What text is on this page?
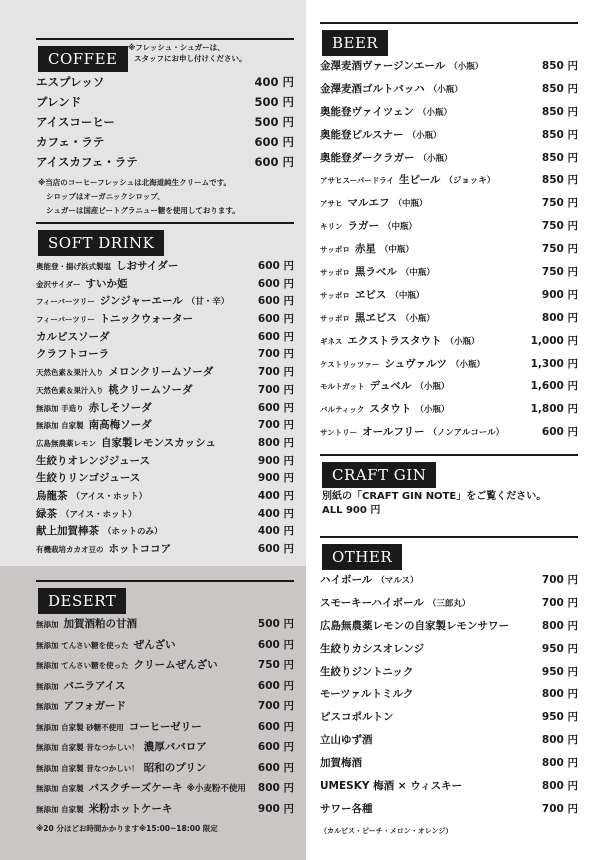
COFFEE
※フレッシュ・シュガーは、
スタッフにお申し付けください。
エスプレッソ	400 円
ブレンド	500 円
アイスコーヒー	500 円
カフェ・ラテ	600 円
アイスカフェ・ラテ	600 円
※当店のコーヒーフレッシュは北海道純生クリームです。
シロップはオーガニックシロップ、
シュガーは国産ビートグラニュー糖を使用しております。
SOFT DRINK
奥能登・揚げ浜式製塩 しおサイダー	600 円
金沢サイダー すいか姫	600 円
フィーバーツリー ジンジャーエール （甘・辛）	600 円
フィーバーツリー トニックウォーター	600 円
カルピスソーダ	600 円
クラフトコーラ	700 円
天然色素＆果汁入り メロンクリームソーダ	700 円
天然色素＆果汁入り 桃クリームソーダ	700 円
無添加 手造り 赤しそソーダ	600 円
無添加 自家製 南高梅ソーダ	700 円
広島無農薬レモン 自家製レモンスカッシュ	800 円
生絞りオレンジジュース	900 円
生絞りリンゴジュース	900 円
烏龍茶 （アイス・ホット）	400 円
緑茶 （アイス・ホット）	400 円
献上加賀棒茶 （ホットのみ）	400 円
有機栽培カカオ豆の ホットココア	600 円
DESERT
無添加 加賀酒粕の甘酒	500 円
無添加 てんさい糖を使った ぜんざい	600 円
無添加 てんさい糖を使った クリームぜんざい	750 円
無添加 バニラアイス	600 円
無添加 アフォガード	700 円
無添加 自家製 砂糖不使用 コーヒーゼリー	600 円
無添加 自家製 昔なつかしい！ 濃厚ババロア	600 円
無添加 自家製 昔なつかしい！ 昭和のプリン	600 円
無添加 自家製 バスクチーズケーキ ※小麦粉不使用 800 円
無添加 自家製 米粉ホットケーキ	900 円
※20 分ほどお時間かかります※15:00~18:00 限定
BEER
金澤麦酒ヴァージンエール （小瓶）	850 円
金澤麦酒ゴルトバッハ （小瓶）	850 円
奥能登ヴァイツェン （小瓶）	850 円
奥能登ピルスナー （小瓶）	850 円
奥能登ダークラガー （小瓶）	850 円
アサヒスーパードライ 生ビール （ジョッキ）	850 円
アサヒ マルエフ （中瓶）	750 円
キリン ラガー （中瓶）	750 円
サッポロ 赤星 （中瓶）	750 円
サッポロ 黒ラベル （中瓶）	750 円
サッポロ ヱビス （中瓶）	900 円
サッポロ 黒ヱビス （小瓶）	800 円
ギネス エクストラスタウト （小瓶）	1,000 円
ケストリッツァー シュヴァルツ （小瓶）	1,300 円
モルトガット デュベル （小瓶）	1,600 円
バルティック スタウト （小瓶）	1,800 円
サントリー オールフリー （ノンアルコール）	600 円
CRAFT GIN
別紙の「CRAFT GIN NOTE」をご覧ください。
ALL 900 円
OTHER
ハイボール （マルス）	700 円
スモーキーハイボール （三郎丸）	700 円
広島無農薬レモンの自家製レモンサワー	800 円
生絞りカシスオレンジ	950 円
生絞りジントニック	950 円
モーツァルトミルク	800 円
ピスコポルトン	950 円
立山ゆず酒	800 円
加賀梅酒	800 円
UMESKY 梅酒 × ウィスキー	800 円
サワー各種	700 円
（カルピス・ピーチ・メロン・オレンジ）
